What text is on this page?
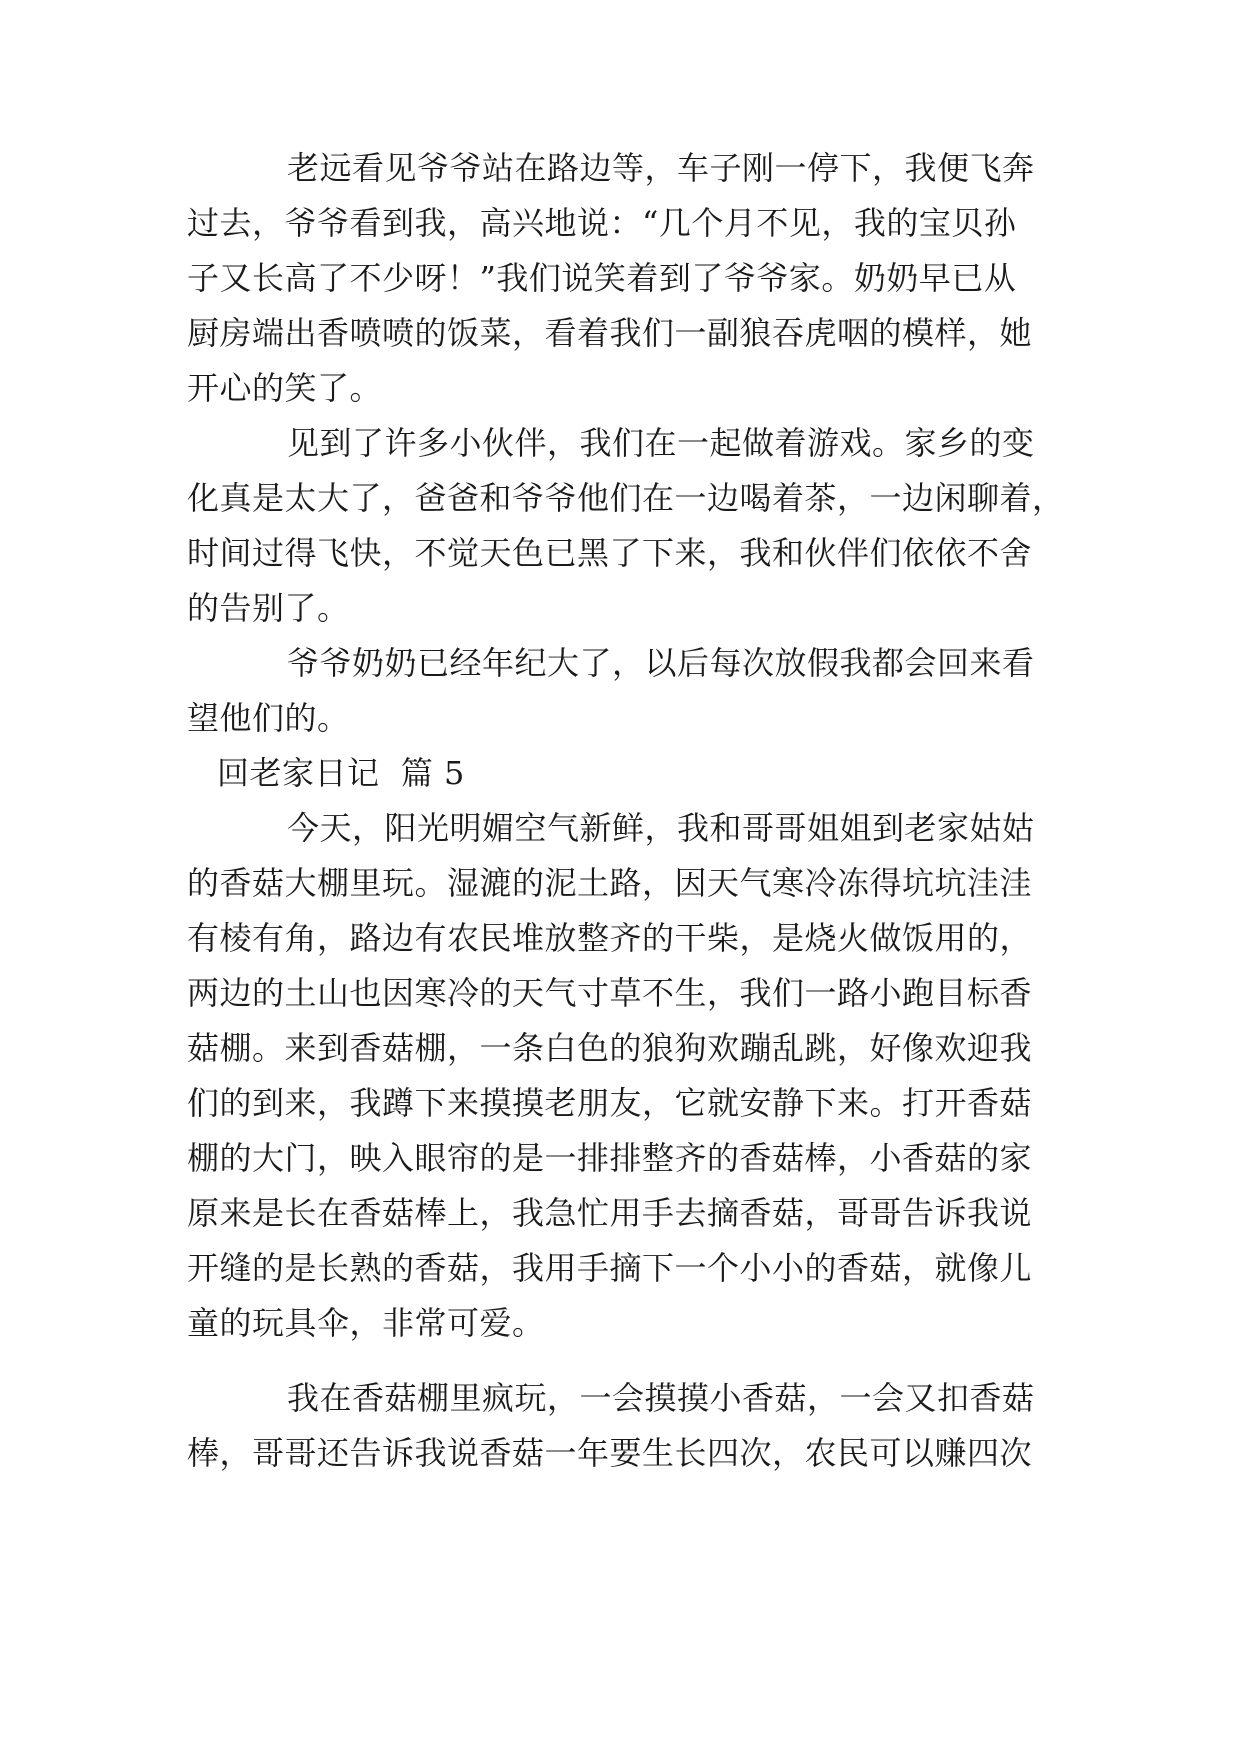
老远看见爷爷站在路边等，车子刚一停下，我便飞奔
过去，爷爷看到我，高兴地说：“几个月不见，我的宝贝孙
子又长高了不少呀！”我们说笑着到了爷爷家。奶奶早已从
厨房端出香喷喷的饭菜，看着我们一副狼吞虎咽的模样，她
开心的笑了。
见到了许多小伙伴，我们在一起做着游戏。家乡的变
化真是太大了，爸爸和爷爷他们在一边喝着茶，一边闲聊着，
时间过得飞快，不觉天色已黑了下来，我和伙伴们依依不舍
的告别了。
爷爷奶奶已经年纪大了，以后每次放假我都会回来看
望他们的。
回老家日记  篇 5
今天，阳光明媚空气新鲜，我和哥哥姐姐到老家姑姑
的香菇大棚里玩。湿漉的泥土路，因天气寒冷冻得坑坑洼洼
有棱有角，路边有农民堆放整齐的干柴，是烧火做饭用的，
两边的土山也因寒冷的天气寸草不生，我们一路小跑目标香
菇棚。来到香菇棚，一条白色的狼狗欢蹦乱跳，好像欢迎我
们的到来，我蹲下来摸摸老朋友，它就安静下来。打开香菇
棚的大门，映入眼帘的是一排排整齐的香菇棒，小香菇的家
原来是长在香菇棒上，我急忙用手去摘香菇，哥哥告诉我说
开缝的是长熟的香菇，我用手摘下一个小小的香菇，就像儿
童的玩具伞，非常可爱。
我在香菇棚里疯玩，一会摸摸小香菇，一会又扣香菇
棒，哥哥还告诉我说香菇一年要生长四次，农民可以赚四次
